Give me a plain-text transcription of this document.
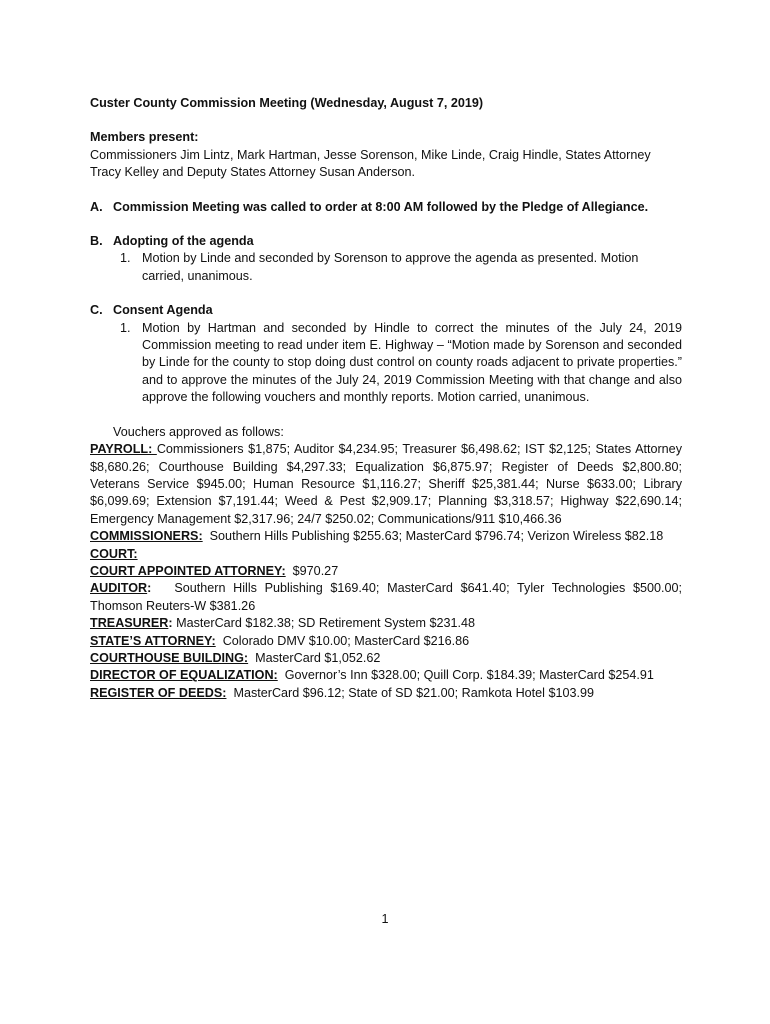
Custer County Commission Meeting (Wednesday, August 7, 2019)

Members present:
Commissioners Jim Lintz, Mark Hartman, Jesse Sorenson, Mike Linde, Craig Hindle, States Attorney Tracy Kelley and Deputy States Attorney Susan Anderson.
A. Commission Meeting was called to order at 8:00 AM followed by the Pledge of Allegiance.
B. Adopting of the agenda
1. Motion by Linde and seconded by Sorenson to approve the agenda as presented. Motion carried, unanimous.
C. Consent Agenda
1. Motion by Hartman and seconded by Hindle to correct the minutes of the July 24, 2019 Commission meeting to read under item E. Highway – “Motion made by Sorenson and seconded by Linde for the county to stop doing dust control on county roads adjacent to private properties.” and to approve the minutes of the July 24, 2019 Commission Meeting with that change and also approve the following vouchers and monthly reports. Motion carried, unanimous.
Vouchers approved as follows:

PAYROLL: Commissioners $1,875; Auditor $4,234.95; Treasurer $6,498.62; IST $2,125; States Attorney $8,680.26; Courthouse Building $4,297.33; Equalization $6,875.97; Register of Deeds $2,800.80; Veterans Service $945.00; Human Resource $1,116.27; Sheriff $25,381.44; Nurse $633.00; Library $6,099.69; Extension $7,191.44; Weed & Pest $2,909.17; Planning $3,318.57; Highway $22,690.14; Emergency Management $2,317.96; 24/7 $250.02; Communications/911 $10,466.36

COMMISSIONERS: Southern Hills Publishing $255.63; MasterCard $796.74; Verizon Wireless $82.18

COURT:

COURT APPOINTED ATTORNEY: $970.27

AUDITOR: Southern Hills Publishing $169.40; MasterCard $641.40; Tyler Technologies $500.00; Thomson Reuters-W $381.26

TREASURER: MasterCard $182.38; SD Retirement System $231.48

STATE’S ATTORNEY: Colorado DMV $10.00; MasterCard $216.86

COURTHOUSE BUILDING: MasterCard $1,052.62

DIRECTOR OF EQUALIZATION: Governor’s Inn $328.00; Quill Corp. $184.39; MasterCard $254.91

REGISTER OF DEEDS: MasterCard $96.12; State of SD $21.00; Ramkota Hotel $103.99

1
